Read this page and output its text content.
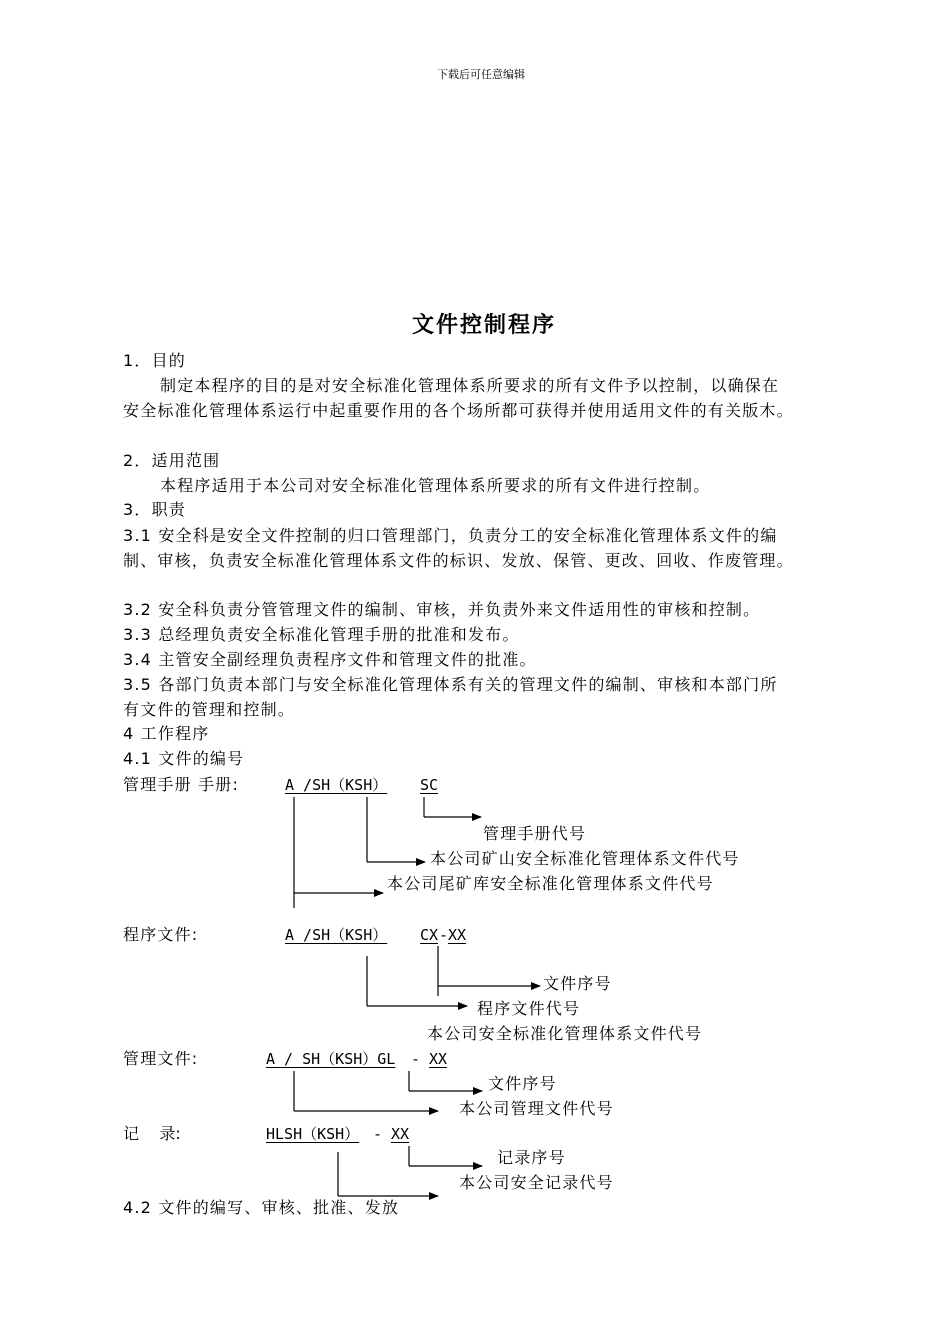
下载后可任意编辑
文件控制程序
1．目的
制定本程序的目的是对安全标准化管理体系所要求的所有文件予以控制，以确保在
安全标准化管理体系运行中起重要作用的各个场所都可获得并使用适用文件的有关版木。
2．适用范围
本程序适用于本公司对安全标准化管理体系所要求的所有文件进行控制。
3．职责
3.1 安全科是安全文件控制的归口管理部门，负责分工的安全标准化管理体系文件的编
制、审核，负责安全标准化管理体系文件的标识、发放、保管、更改、回收、作废管理。
3.2 安全科负责分管管理文件的编制、审核，并负责外来文件适用性的审核和控制。
3.3 总经理负责安全标准化管理手册的批准和发布。
3.4 主管安全副经理负责程序文件和管理文件的批准。
3.5 各部门负责本部门与安全标准化管理体系有关的管理文件的编制、审核和本部门所
有文件的管理和控制。
4 工作程序
4.1 文件的编号
管理手册 手册:	A /SH（KSH） SC
管理手册代号
本公司矿山安全标准化管理体系文件代号
本公司尾矿库安全标准化管理体系文件代号
程序文件:	A /SH（KSH） CX - XX
文件序号
程序文件代号
本公司安全标准化管理体系文件代号
管理文件:	A / SH（KSH）GL - XX
文件序号
本公司管理文件代号
记    录:	HLSH（KSH） - XX
记录序号
本公司安全记录代号
4.2 文件的编写、审核、批准、发放
